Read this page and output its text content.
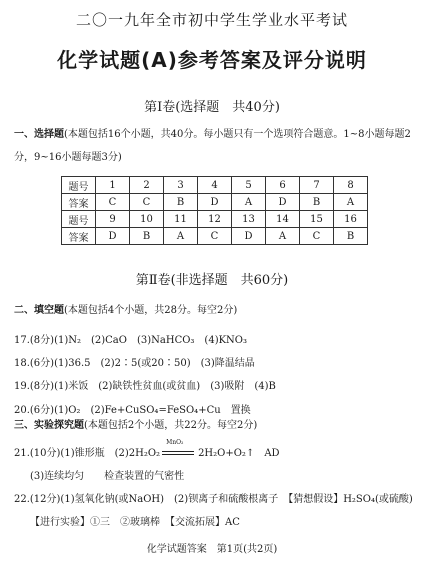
二〇一九年全市初中学生学业水平考试
化学试题(A)参考答案及评分说明
第Ⅰ卷(选择题　共40分)
一、选择题(本题包括16个小题，共40分。每小题只有一个选项符合题意。1~8小题每题2
分，9~16小题每题3分)
题号	1	2	3	4	5	6	7	8
答案	C	C	B	D	A	D	B	A
题号	9	10	11	12	13	14	15	16
答案	D	B	A	C	D	A	C	B
第Ⅱ卷(非选择题　共60分)
二、填空题(本题包括4个小题，共28分。每空2分)
17.(8分)(1)N₂　(2)CaO　(3)NaHCO₃　(4)KNO₃
18.(6分)(1)36.5　(2)2∶5(或20∶50)　(3)降温结晶
19.(8分)(1)米饭　(2)缺铁性贫血(或贫血)　(3)吸附　(4)B
20.(6分)(1)O₂　(2)Fe+CuSO₄=FeSO₄+Cu　置换
三、实验探究题(本题包括2个小题，共22分。每空2分)
21.(10分)(1)锥形瓶　(2)2H₂O₂
MnO₂
2H₂O+O₂↑　AD
(3)连续均匀　　检查装置的气密性
22.(12分)(1)氢氧化钠(或NaOH)　(2)钡离子和硫酸根离子　【猜想假设】H₂SO₄(或硫酸)
【进行实验】①三　②玻璃棒　【交流拓展】AC
化学试题答案　第1页(共2页)
